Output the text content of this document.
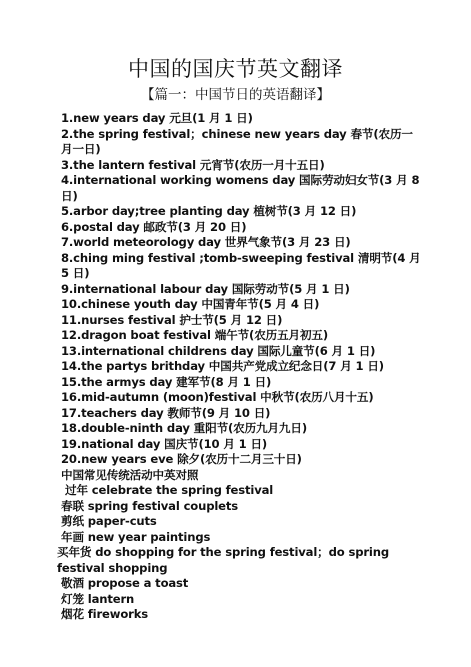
中国的国庆节英文翻译
【篇一：中国节日的英语翻译】
1.new years day 元旦(1 月 1 日)
2.the spring festival；chinese new years day 春节(农历一月一日)
3.the lantern festival 元宵节(农历一月十五日)
4.international working womens day 国际劳动妇女节(3 月 8 日)
5.arbor day;tree planting day 植树节(3 月 12 日)
6.postal day 邮政节(3 月 20 日)
7.world meteorology day 世界气象节(3 月 23 日)
8.ching ming festival ;tomb-sweeping festival 清明节(4 月 5 日)
9.international labour day 国际劳动节(5 月 1 日)
10.chinese youth day 中国青年节(5 月 4 日)
11.nurses festival 护士节(5 月 12 日)
12.dragon boat festival 端午节(农历五月初五)
13.international childrens day 国际儿童节(6 月 1 日)
14.the partys brithday 中国共产党成立纪念日(7 月 1 日)
15.the armys day 建军节(8 月 1 日)
16.mid-autumn (moon)festival 中秋节(农历八月十五)
17.teachers day 教师节(9 月 10 日)
18.double-ninth day 重阳节(农历九月九日)
19.national day 国庆节(10 月 1 日)
20.new years eve 除夕(农历十二月三十日)
中国常见传统活动中英对照
过年 celebrate the spring festival
春联 spring festival couplets
剪纸 paper-cuts
年画 new year paintings
买年货 do shopping for the spring festival；do spring festival shopping
敬酒 propose a toast
灯笼 lantern
烟花 fireworks
